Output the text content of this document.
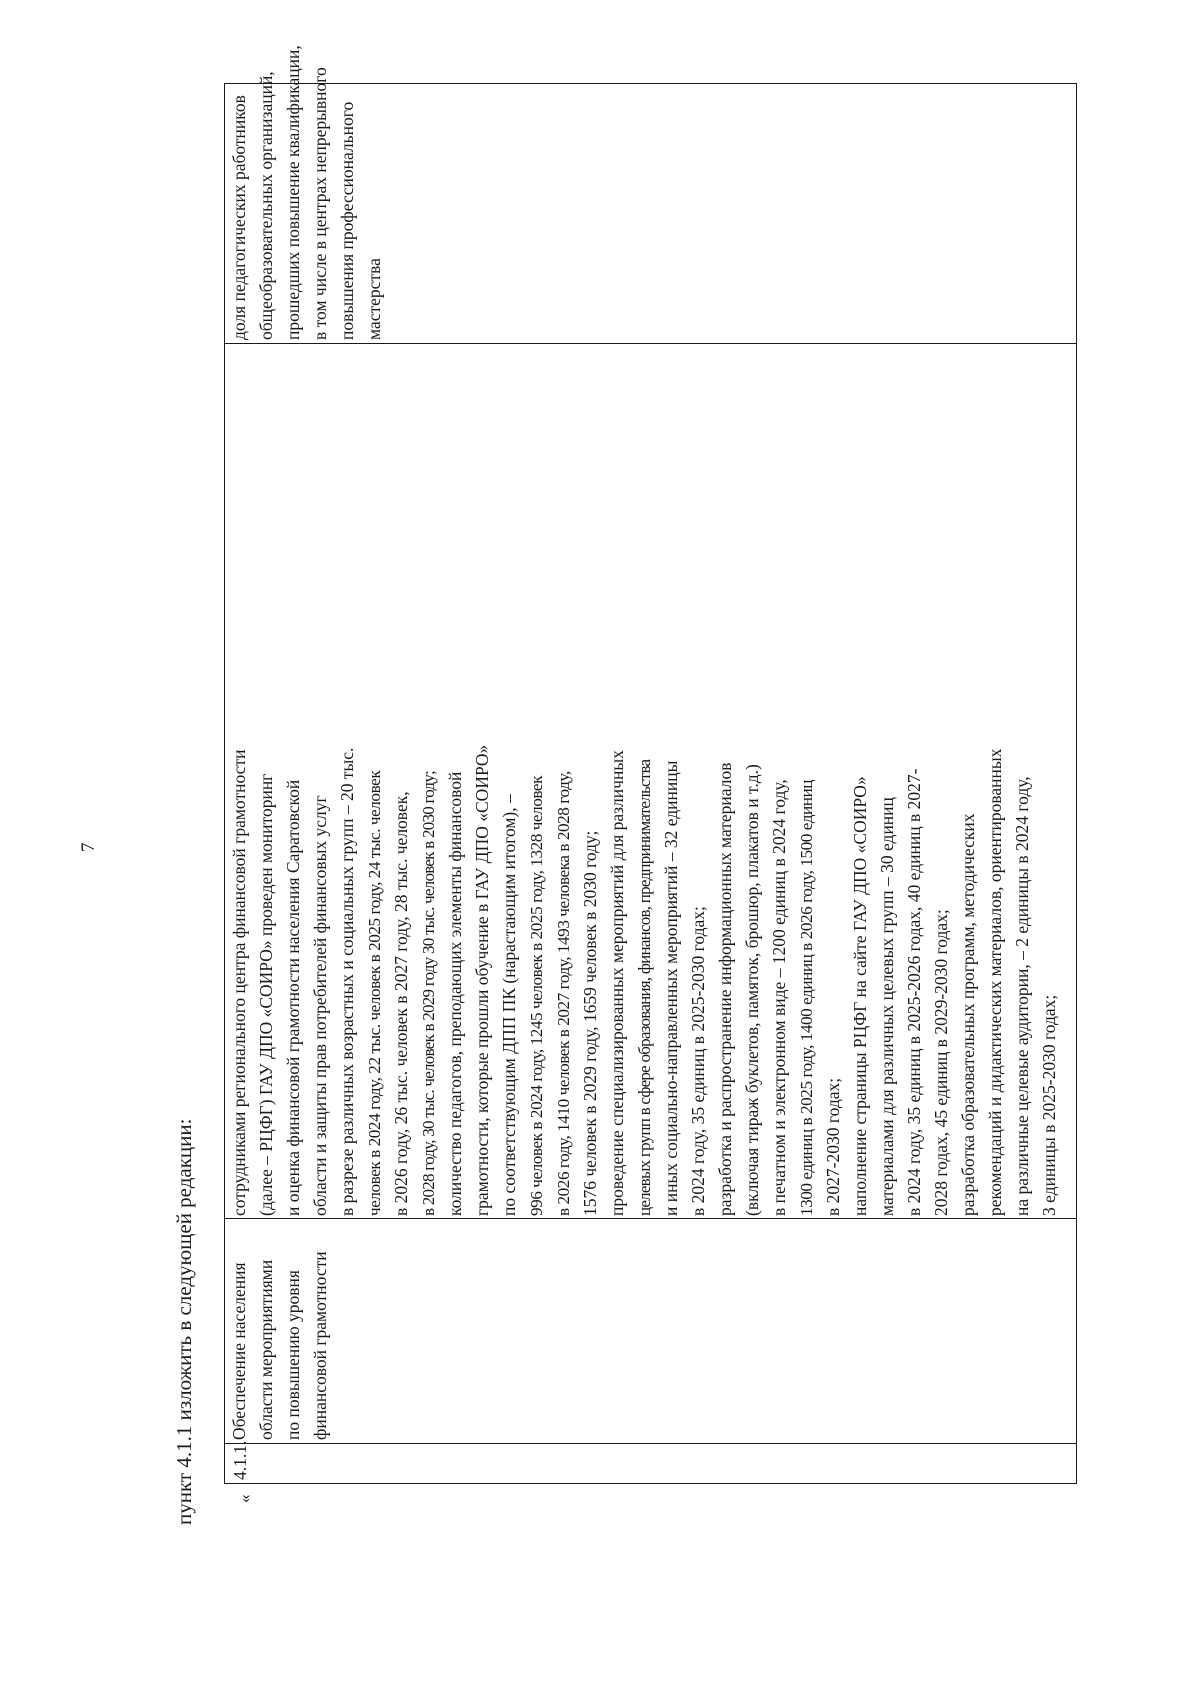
7
пункт 4.1.1 изложить в следующей редакции: «
4.1.1.
Обеспечение населения области мероприятиями по повышению уровня финансовой грамотности
сотрудниками регионального центра финансовой грамотности (далее – РЦФГ) ГАУ ДПО «СОИРО» проведен мониторинг и оценка финансовой грамотности населения Саратовской области и защиты прав потребителей финансовых услуг в разрезе различных возрастных и социальных групп – 20 тыс. человек в 2024 году, 22 тыс. человек в 2025 году, 24 тыс. человек в 2026 году, 26 тыс. человек в 2027 году, 28 тыс. человек, в 2028 году, 30 тыс. человек в 2029 году 30 тыс. человек в 2030 году; количество педагогов, преподающих элементы финансовой грамотности, которые прошли обучение в ГАУ ДПО «СОИРО» по соответствующим ДПП ПК (нарастающим итогом), – 996 человек в 2024 году, 1245 человек в 2025 году, 1328 человек в 2026 году, 1410 человек в 2027 году, 1493 человека в 2028 году, 1576 человек в 2029 году, 1659 человек в 2030 году; проведение специализированных мероприятий для различных целевых групп в сфере образования, финансов, предпринимательства и иных социально-направленных мероприятий – 32 единицы в 2024 году, 35 единиц в 2025-2030 годах; разработка и распространение информационных материалов (включая тираж буклетов, памяток, брошюр, плакатов и т.д.) в печатном и электронном виде – 1200 единиц в 2024 году, 1300 единиц в 2025 году, 1400 единиц в 2026 году, 1500 единиц в 2027-2030 годах; наполнение страницы РЦФГ на сайте ГАУ ДПО «СОИРО» материалами для различных целевых групп – 30 единиц в 2024 году, 35 единиц в 2025-2026 годах, 40 единиц в 2027- 2028 годах, 45 единиц в 2029-2030 годах; разработка образовательных программ, методических рекомендаций и дидактических материалов, ориентированных на различные целевые аудитории, – 2 единицы в 2024 году, 3 единицы в 2025-2030 годах;
доля педагогических работников общеобразовательных организаций, прошедших повышение квалификации, в том числе в центрах непрерывного повышения профессионального мастерства
